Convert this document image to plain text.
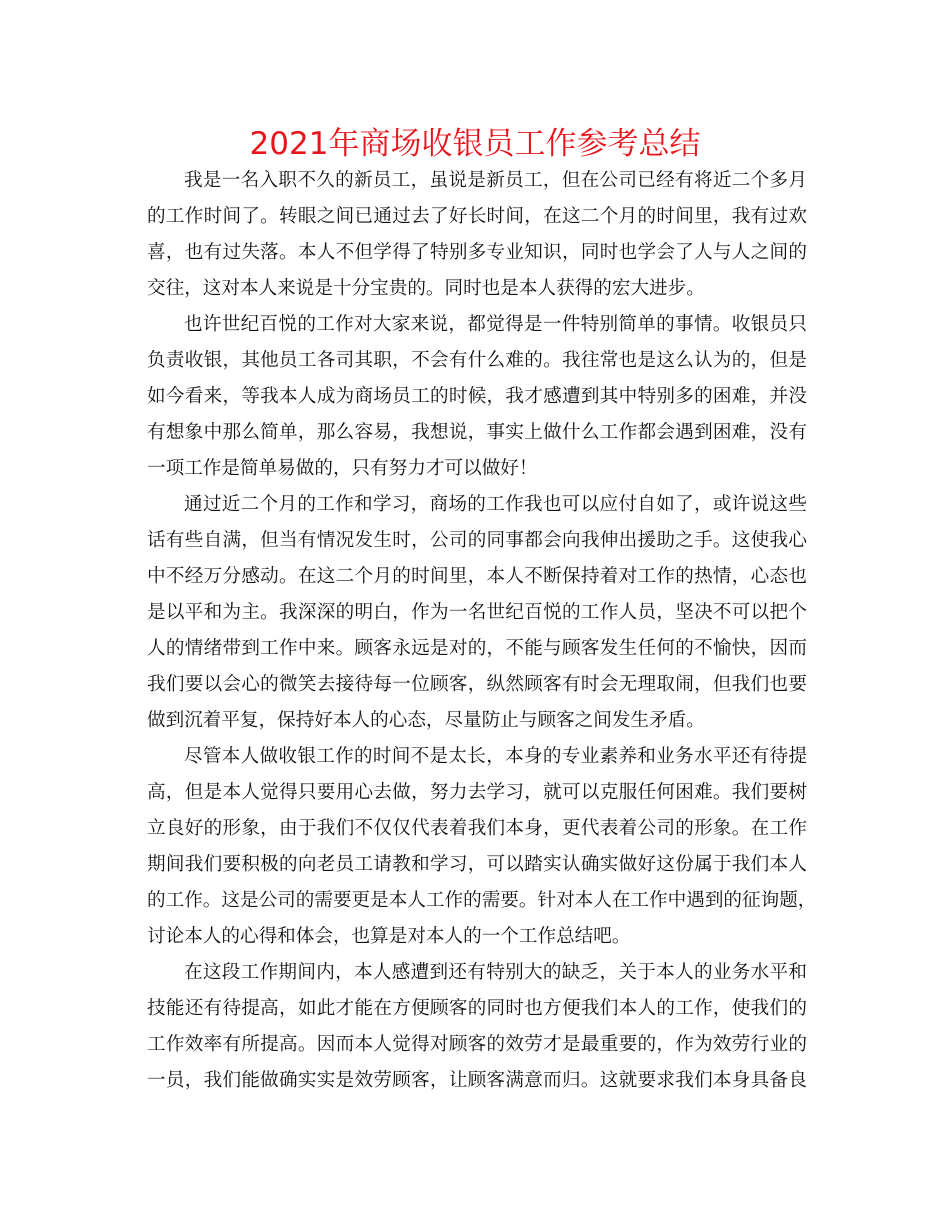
2021年商场收银员工作参考总结
我是一名入职不久的新员工，虽说是新员工，但在公司已经有将近二个多月
的工作时间了。转眼之间已通过去了好长时间，在这二个月的时间里，我有过欢
喜，也有过失落。本人不但学得了特别多专业知识，同时也学会了人与人之间的
交往，这对本人来说是十分宝贵的。同时也是本人获得的宏大进步。
也许世纪百悦的工作对大家来说，都觉得是一件特别简单的事情。收银员只
负责收银，其他员工各司其职，不会有什么难的。我往常也是这么认为的，但是
如今看来，等我本人成为商场员工的时候，我才感遭到其中特别多的困难，并没
有想象中那么简单，那么容易，我想说，事实上做什么工作都会遇到困难，没有
一项工作是简单易做的，只有努力才可以做好！
通过近二个月的工作和学习，商场的工作我也可以应付自如了，或许说这些
话有些自满，但当有情况发生时，公司的同事都会向我伸出援助之手。这使我心
中不经万分感动。在这二个月的时间里，本人不断保持着对工作的热情，心态也
是以平和为主。我深深的明白，作为一名世纪百悦的工作人员，坚决不可以把个
人的情绪带到工作中来。顾客永远是对的，不能与顾客发生任何的不愉快，因而
我们要以会心的微笑去接待每一位顾客，纵然顾客有时会无理取闹，但我们也要
做到沉着平复，保持好本人的心态，尽量防止与顾客之间发生矛盾。
尽管本人做收银工作的时间不是太长，本身的专业素养和业务水平还有待提
高，但是本人觉得只要用心去做，努力去学习，就可以克服任何困难。我们要树
立良好的形象，由于我们不仅仅代表着我们本身，更代表着公司的形象。在工作
期间我们要积极的向老员工请教和学习，可以踏实认确实做好这份属于我们本人
的工作。这是公司的需要更是本人工作的需要。针对本人在工作中遇到的征询题，
讨论本人的心得和体会，也算是对本人的一个工作总结吧。
在这段工作期间内，本人感遭到还有特别大的缺乏，关于本人的业务水平和
技能还有待提高，如此才能在方便顾客的同时也方便我们本人的工作，使我们的
工作效率有所提高。因而本人觉得对顾客的效劳才是最重要的，作为效劳行业的
一员，我们能做确实实是效劳顾客，让顾客满意而归。这就要求我们本身具备良
